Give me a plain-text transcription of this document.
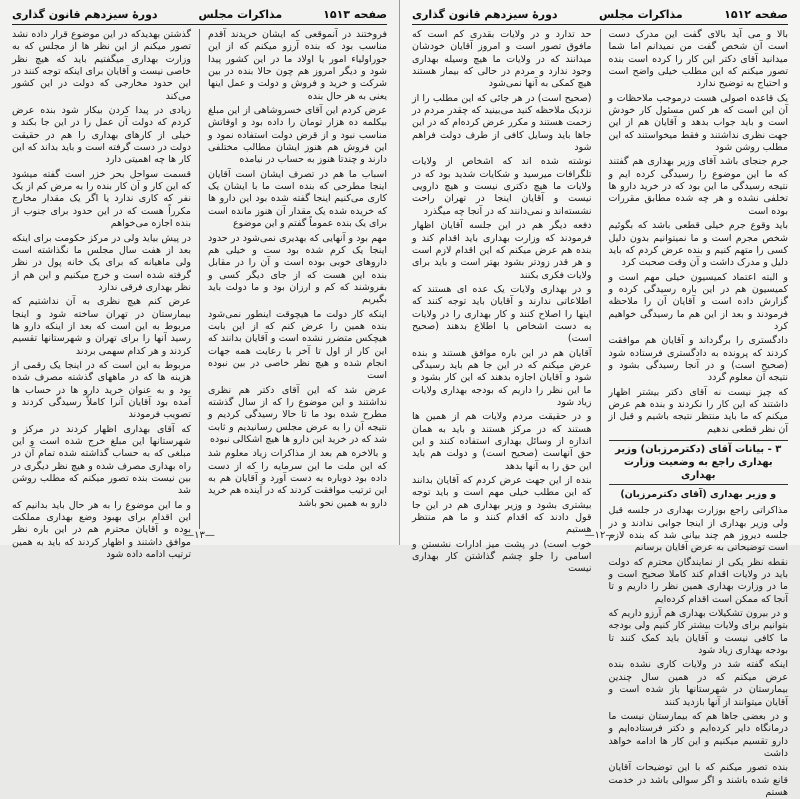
صفحه ۱۵۱۳
مذاکرات مجلس
دورهٔ سیزدهم قانون گذاری

فروختند در آنموقعی که ایشان خریدند آقدم مناسب بود که بنده آرزو میکنم که از این جوراولیاء امور یا اولاد ما در این کشور پیدا شود و دیگر امروز هم چون حالا بنده در بین شرکت و خرید و فروش و دولت و عمل اینها یعنی به هر حال بنده

عرض کردم این آقای خسروشاهی از این مبلغ بیکلمه ده هزار تومان را داده بود و اوقاتش مناسب نبود و از قرض دولت استفاده نمود و این فروش هم هنوز ایشان مطالب مختلفی دارند و چندتا هنوز به حساب در نیامده

اسباب ما هم در تصرف ایشان است آقایان اینجا مطرحی که بنده است ما با ایشان یک کاری می‌کنیم اینجا گفته شده بود این دارو ها که خریده شده یک مقدار آن هنوز مانده است برای یک بنده عموماً گفتم و این موضوع

مهم بود و آنهایی که بهدیری نمی‌شود در حدود اینجا یک کرم شده بود ست و خیلی هم داروهای خوبی بوده است و آن را در مقابل بنده این هست که از جای دیگر کسی و بفروشند که کم و ارزان بود و ما دولت باید بگیریم

اینکه کار دولت ما هیچوقت اینطور نمی‌شود بنده همین را عرض کنم که از این بابت هیچکس متضرر نشده است و آقایان بدانند که این کار از اول تا آخر با رعایت همه جهات انجام شده و هیچ نظر خاصی در بین نبوده است

عرض شد که این آقای دکتر هم نظری نداشتند و این موضوع را که از سال گذشته مطرح شده بود ما تا حالا رسیدگی کردیم و نتیجه آن را به عرض مجلس رسانیدیم و ثابت شد که در خرید این دارو ها هیچ اشکالی نبوده

و بالاخره هم بعد از مذاکرات زیاد معلوم شد که این ملت ما این سرمایه را که از دست داده بود دوباره به دست آورد و آقایان هم به این ترتیب موافقت کردند که در آینده هم خرید دارو به همین نحو باشد

گذشتن بهدیدکه در این موضوع قرار داده نشد تصور میکنم از این نظر ها از مجلس که به وزارت بهداری میگفتیم باید که هیچ نظر خاصی نیست و آقایان برای اینکه توجه کنند در این حدود مخارجی که دولت در این کشور می‌کند

زیادی در پیدا کردن بیکار شود بنده عرض کردم که دولت آن عمل را در این جا بکند و خیلی از کارهای بهداری را هم در حقیقت دولت در دست گرفته است و باید بداند که این کار ها چه اهمیتی دارد

قسمت سواحل بحر خزر است گفته میشود که این کار و آن کار بنده را به مرض کم از یک نفر که کاری ندارد یا اگر یک مقدار مخارج مکرراً هست که در این حدود برای جنوب از بنده اجازه می‌خواهم

در پیش بیاید ولی در مرکز حکومت برای اینکه بعد از هفت سال مجلس ما نگذاشته است ولی ماهیانه که برای یک خانه پول در نظر گرفته شده است و خرج میکنیم و این هم از نظر بهداری فرقی ندارد

عرض کنم هیچ نظری به آن نداشتیم که بیمارستان در تهران ساخته شود و اینجا مربوط به این است که بعد از اینکه دارو ها رسید آنها را برای تهران و شهرستانها تقسیم کردند و هر کدام سهمی بردند

مربوط به این است که در اینجا یک رقمی از هزینه ها که در ماههای گذشته مصرف شده بود و به عنوان خرید دارو ها در حساب ها آمده بود آقایان آنرا کاملاً رسیدگی کردند و تصویب فرمودند

که آقای بهداری اظهار کردند در مرکز و شهرستانها این مبلغ خرج شده است و این مبلغی که به حساب گذاشته شده تمام آن در راه بهداری مصرف شده و هیچ نظر دیگری در بین نیست بنده تصور میکنم که مطلب روشن شد

و ما این موضوع را به هر حال باید بدانیم که این اقدام برای بهبود وضع بهداری مملکت بوده و آقایان محترم هم در این باره نظر موافق داشتند و اظهار کردند که باید به همین ترتیب ادامه داده شود

—۱۳—
صفحه ۱۵۱۲
مذاکرات مجلس
دورهٔ سیزدهم قانون گذاری

بالا و می آید بالای گفت این مدرک دست است آن شخص گفت من نمیدانم اما شما میدانید آقای دکتر این کار را کرده است بنده تصور میکنم که این مطلب خیلی واضح است و احتیاج به توضیح ندارد

یک قاعده اصولی هست درموجب ملاحظات و آن این است که هر کس مسئول کار خودش است و باید جواب بدهد و آقایان هم از این جهت نظری نداشتند و فقط میخواستند که این مطلب روشن شود

جرم جنجای باشد آقای وزیر بهداری هم گفتند که ما این موضوع را رسیدگی کرده ایم و نتیجه رسیدگی ما این بود که در خرید دارو ها تخلفی نشده و هر چه شده مطابق مقررات بوده است

باید وقوع جرم خیلی قطعی باشد که بگوئیم شخص مجرم است و ما نمیتوانیم بدون دلیل کسی را متهم کنیم و بنده عرض کردم که باید دلیل و مدرک داشت و آن وقت صحبت کرد

و البته اعتماد کمیسیون خیلی مهم است و کمیسیون هم در این باره رسیدگی کرده و گزارش داده است و آقایان آن را ملاحظه فرمودند و بعد از این هم ما رسیدگی خواهیم کرد

دادگستری را برگرداند و آقایان هم موافقت کردند که پرونده به دادگستری فرستاده شود (صحیح است) و در آنجا رسیدگی بشود و نتیجه آن معلوم گردد

که چیز نیست نه آقای دکتر بیشتر اظهار داشتند که این کار را نکردند و بنده هم عرض میکنم که ما باید منتظر نتیجه باشیم و قبل از آن نظر قطعی ندهیم

۳ - بیانات آقای (دکترمرزبان) وزیر بهداری راجع به وضعیت وزارت بهداری
و وزیر بهداری (آقای دکترمرزبان)

مذاکراتی راجع بوزارت بهداری در جلسه قبل ولی وزیر بهداری از اینجا جوابی ندادند و در جلسه دیروز هم چند بیانی شد که بنده لازم است توضیحاتی به عرض آقایان برسانم

نقطه نظر یکی از نمایندگان محترم که دولت باید در ولایات اقدام کند کاملا صحیح است و ما در وزارت بهداری همین نظر را داریم و تا آنجا که ممکن است اقدام کرده‌ایم

و در بیرون تشکیلات بهداری هم آرزو داریم که بتوانیم برای ولایات بیشتر کار کنیم ولی بودجه ما کافی نیست و آقایان باید کمک کنند تا بودجه بهداری زیاد شود

اینکه گفته شد در ولایات کاری نشده بنده عرض میکنم که در همین سال چندین بیمارستان در شهرستانها باز شده است و آقایان میتوانند از آنها بازدید کنند

و در بعضی جاها هم که بیمارستان نیست ما درمانگاه دایر کرده‌ایم و دکتر فرستاده‌ایم و دارو تقسیم میکنیم و این کار ها ادامه خواهد داشت

بنده تصور میکنم که با این توضیحات آقایان قانع شده باشند و اگر سوالی باشد در خدمت هستم

حد تدارد و در ولایات بقدری کم است که مافوق تصور است و امروز آقایان خودشان میدانند که در ولایات ما هیچ وسیله بهداری وجود ندارد و مردم در حالی که بیمار هستند هیچ کمکی به آنها نمی‌شود

(صحیح است) در هر جائی که این مطلب را از نزدیک ملاحظه کنید می‌بینید که چقدر مردم در زحمت هستند و مکرر عرض کرده‌ام که در این جاها باید وسایل کافی از طرف دولت فراهم شود

نوشته شده اند که اشخاص از ولایات تلگرافات میرسید و شکایات شدید بود که در ولایات ما هیچ دکتری نیست و هیچ دارویی نیست و آقایان اینجا در تهران راحت نشسته‌اند و نمی‌دانند که در آنجا چه میگذرد

دفعه دیگر هم در این جلسه آقایان اظهار فرمودند که وزارت بهداری باید اقدام کند و بنده هم عرض میکنم که این اقدام لازم است و هر قدر زودتر بشود بهتر است و باید برای ولایات فکری بکنند

و در بهداری ولایات یک عده ای هستند که اطلاعاتی ندارند و آقایان باید توجه کنند که اینها را اصلاح کنند و کار بهداری را در ولایات به دست اشخاص با اطلاع بدهند (صحیح است)

آقایان هم در این باره موافق هستند و بنده عرض میکنم که در این جا هم باید رسیدگی شود و آقایان اجازه بدهند که این کار بشود و ما این نظر را داریم که بودجه بهداری ولایات زیاد شود

و در حقیقت مردم ولایات هم از همین ها هستند که در مرکز هستند و باید به همان اندازه از وسائل بهداری استفاده کنند و این حق آنهاست (صحیح است) و دولت هم باید این حق را به آنها بدهد

بنده از این جهت عرض کردم که آقایان بدانند که این مطلب خیلی مهم است و باید توجه بیشتری بشود و وزیر بهداری هم در این جا قول دادند که اقدام کنند و ما هم منتظر هستیم

خوب است) در پشت میز ادارات نشستن و اسامی را جلو چشم گذاشتن کار بهداری نیست

—۱۲—
